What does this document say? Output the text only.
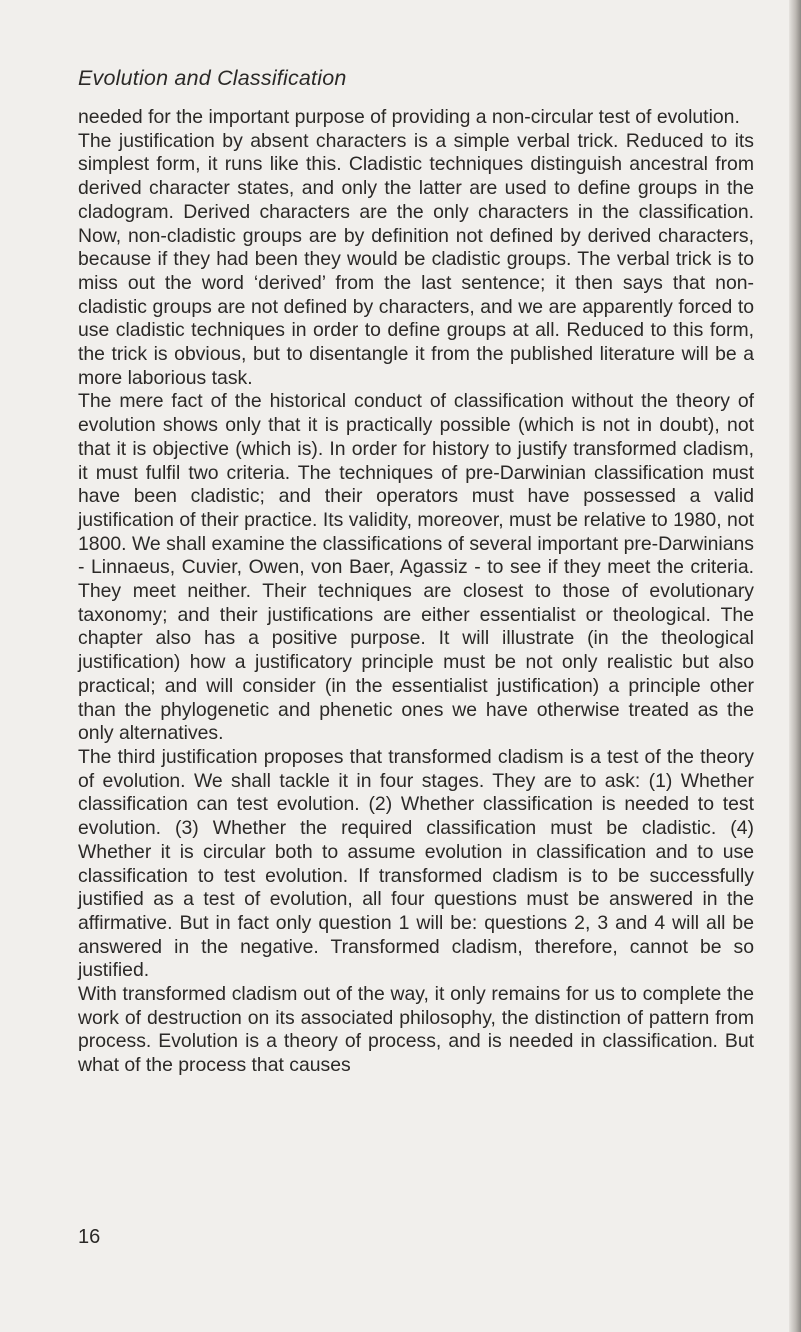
Evolution and Classification

needed for the important purpose of providing a non-circular test of evolution.

The justification by absent characters is a simple verbal trick. Reduced to its simplest form, it runs like this. Cladistic techniques distinguish ancestral from derived character states, and only the latter are used to define groups in the cladogram. Derived characters are the only characters in the classification. Now, non-cladistic groups are by definition not defined by derived characters, because if they had been they would be cladistic groups. The verbal trick is to miss out the word ‘derived’ from the last sentence; it then says that non-cladistic groups are not defined by characters, and we are apparently forced to use cladistic techniques in order to define groups at all. Reduced to this form, the trick is obvious, but to disentangle it from the published literature will be a more laborious task.

The mere fact of the historical conduct of classification without the theory of evolution shows only that it is practically possible (which is not in doubt), not that it is objective (which is). In order for history to justify transformed cladism, it must fulfil two criteria. The techniques of pre-Darwinian classification must have been cladistic; and their operators must have possessed a valid justification of their practice. Its validity, moreover, must be relative to 1980, not 1800. We shall examine the classifications of several important pre-Darwinians - Linnaeus, Cuvier, Owen, von Baer, Agassiz - to see if they meet the criteria. They meet neither. Their techniques are closest to those of evolutionary taxonomy; and their justifications are either essentialist or theological. The chapter also has a positive purpose. It will illustrate (in the theological justification) how a justificatory principle must be not only realistic but also practical; and will consider (in the essentialist justification) a principle other than the phylogenetic and phenetic ones we have otherwise treated as the only alternatives.

The third justification proposes that transformed cladism is a test of the theory of evolution. We shall tackle it in four stages. They are to ask: (1) Whether classification can test evolution. (2) Whether classification is needed to test evolution. (3) Whether the required classification must be cladistic. (4) Whether it is circular both to assume evolution in classification and to use classification to test evolution. If transformed cladism is to be successfully justified as a test of evolution, all four questions must be answered in the affirmative. But in fact only question 1 will be: questions 2, 3 and 4 will all be answered in the negative. Transformed cladism, therefore, cannot be so justified.

With transformed cladism out of the way, it only remains for us to complete the work of destruction on its associated philosophy, the distinction of pattern from process. Evolution is a theory of process, and is needed in classification. But what of the process that causes

16
